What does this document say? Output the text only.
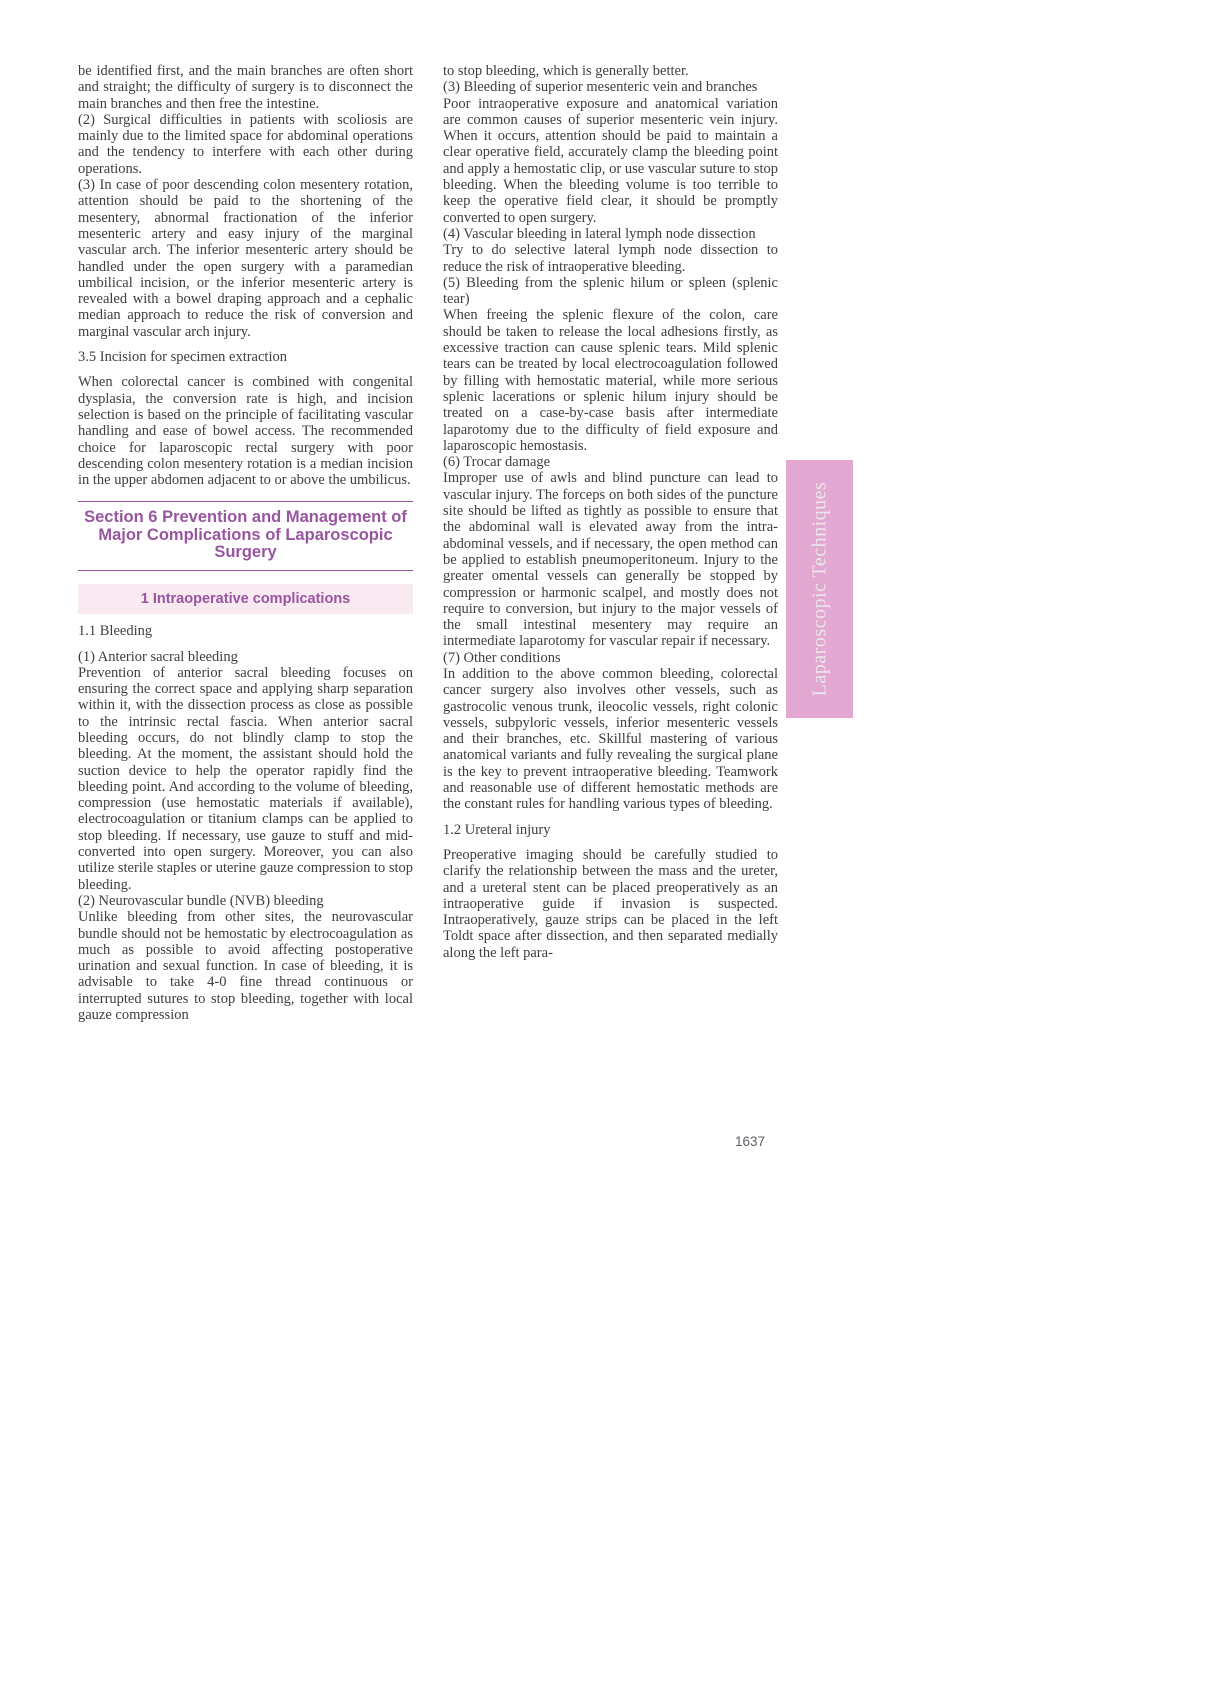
be identified first, and the main branches are often short and straight; the difficulty of surgery is to disconnect the main branches and then free the intestine.

(2) Surgical difficulties in patients with scoliosis are mainly due to the limited space for abdominal operations and the tendency to interfere with each other during operations.

(3) In case of poor descending colon mesentery rotation, attention should be paid to the shortening of the mesentery, abnormal fractionation of the inferior mesenteric artery and easy injury of the marginal vascular arch. The inferior mesenteric artery should be handled under the open surgery with a paramedian umbilical incision, or the inferior mesenteric artery is revealed with a bowel draping approach and a cephalic median approach to reduce the risk of conversion and marginal vascular arch injury.

3.5 Incision for specimen extraction

When colorectal cancer is combined with congenital dysplasia, the conversion rate is high, and incision selection is based on the principle of facilitating vascular handling and ease of bowel access. The recommended choice for laparoscopic rectal surgery with poor descending colon mesentery rotation is a median incision in the upper abdomen adjacent to or above the umbilicus.

Section 6 Prevention and Management of Major Complications of Laparoscopic Surgery
1 Intraoperative complications

1.1 Bleeding

(1) Anterior sacral bleeding

Prevention of anterior sacral bleeding focuses on ensuring the correct space and applying sharp separation within it, with the dissection process as close as possible to the intrinsic rectal fascia. When anterior sacral bleeding occurs, do not blindly clamp to stop the bleeding. At the moment, the assistant should hold the suction device to help the operator rapidly find the bleeding point. And according to the volume of bleeding, compression (use hemostatic materials if available), electrocoagulation or titanium clamps can be applied to stop bleeding. If necessary, use gauze to stuff and mid-converted into open surgery. Moreover, you can also utilize sterile staples or uterine gauze compression to stop bleeding.

(2) Neurovascular bundle (NVB) bleeding

Unlike bleeding from other sites, the neurovascular bundle should not be hemostatic by electrocoagulation as much as possible to avoid affecting postoperative urination and sexual function. In case of bleeding, it is advisable to take 4-0 fine thread continuous or interrupted sutures to stop bleeding, together with local gauze compression

to stop bleeding, which is generally better.

(3) Bleeding of superior mesenteric vein and branches

Poor intraoperative exposure and anatomical variation are common causes of superior mesenteric vein injury. When it occurs, attention should be paid to maintain a clear operative field, accurately clamp the bleeding point and apply a hemostatic clip, or use vascular suture to stop bleeding. When the bleeding volume is too terrible to keep the operative field clear, it should be promptly converted to open surgery.

(4) Vascular bleeding in lateral lymph node dissection

Try to do selective lateral lymph node dissection to reduce the risk of intraoperative bleeding.

(5) Bleeding from the splenic hilum or spleen (splenic tear)

When freeing the splenic flexure of the colon, care should be taken to release the local adhesions firstly, as excessive traction can cause splenic tears. Mild splenic tears can be treated by local electrocoagulation followed by filling with hemostatic material, while more serious splenic lacerations or splenic hilum injury should be treated on a case-by-case basis after intermediate laparotomy due to the difficulty of field exposure and laparoscopic hemostasis.

(6) Trocar damage

Improper use of awls and blind puncture can lead to vascular injury. The forceps on both sides of the puncture site should be lifted as tightly as possible to ensure that the abdominal wall is elevated away from the intra-abdominal vessels, and if necessary, the open method can be applied to establish pneumoperitoneum. Injury to the greater omental vessels can generally be stopped by compression or harmonic scalpel, and mostly does not require to conversion, but injury to the major vessels of the small intestinal mesentery may require an intermediate laparotomy for vascular repair if necessary.

(7) Other conditions

In addition to the above common bleeding, colorectal cancer surgery also involves other vessels, such as gastrocolic venous trunk, ileocolic vessels, right colonic vessels, subpyloric vessels, inferior mesenteric vessels and their branches, etc. Skillful mastering of various anatomical variants and fully revealing the surgical plane is the key to prevent intraoperative bleeding. Teamwork and reasonable use of different hemostatic methods are the constant rules for handling various types of bleeding.

1.2 Ureteral injury

Preoperative imaging should be carefully studied to clarify the relationship between the mass and the ureter, and a ureteral stent can be placed preoperatively as an intraoperative guide if invasion is suspected. Intraoperatively, gauze strips can be placed in the left Toldt space after dissection, and then separated medially along the left para-

Laparoscopic Techniques
1637
